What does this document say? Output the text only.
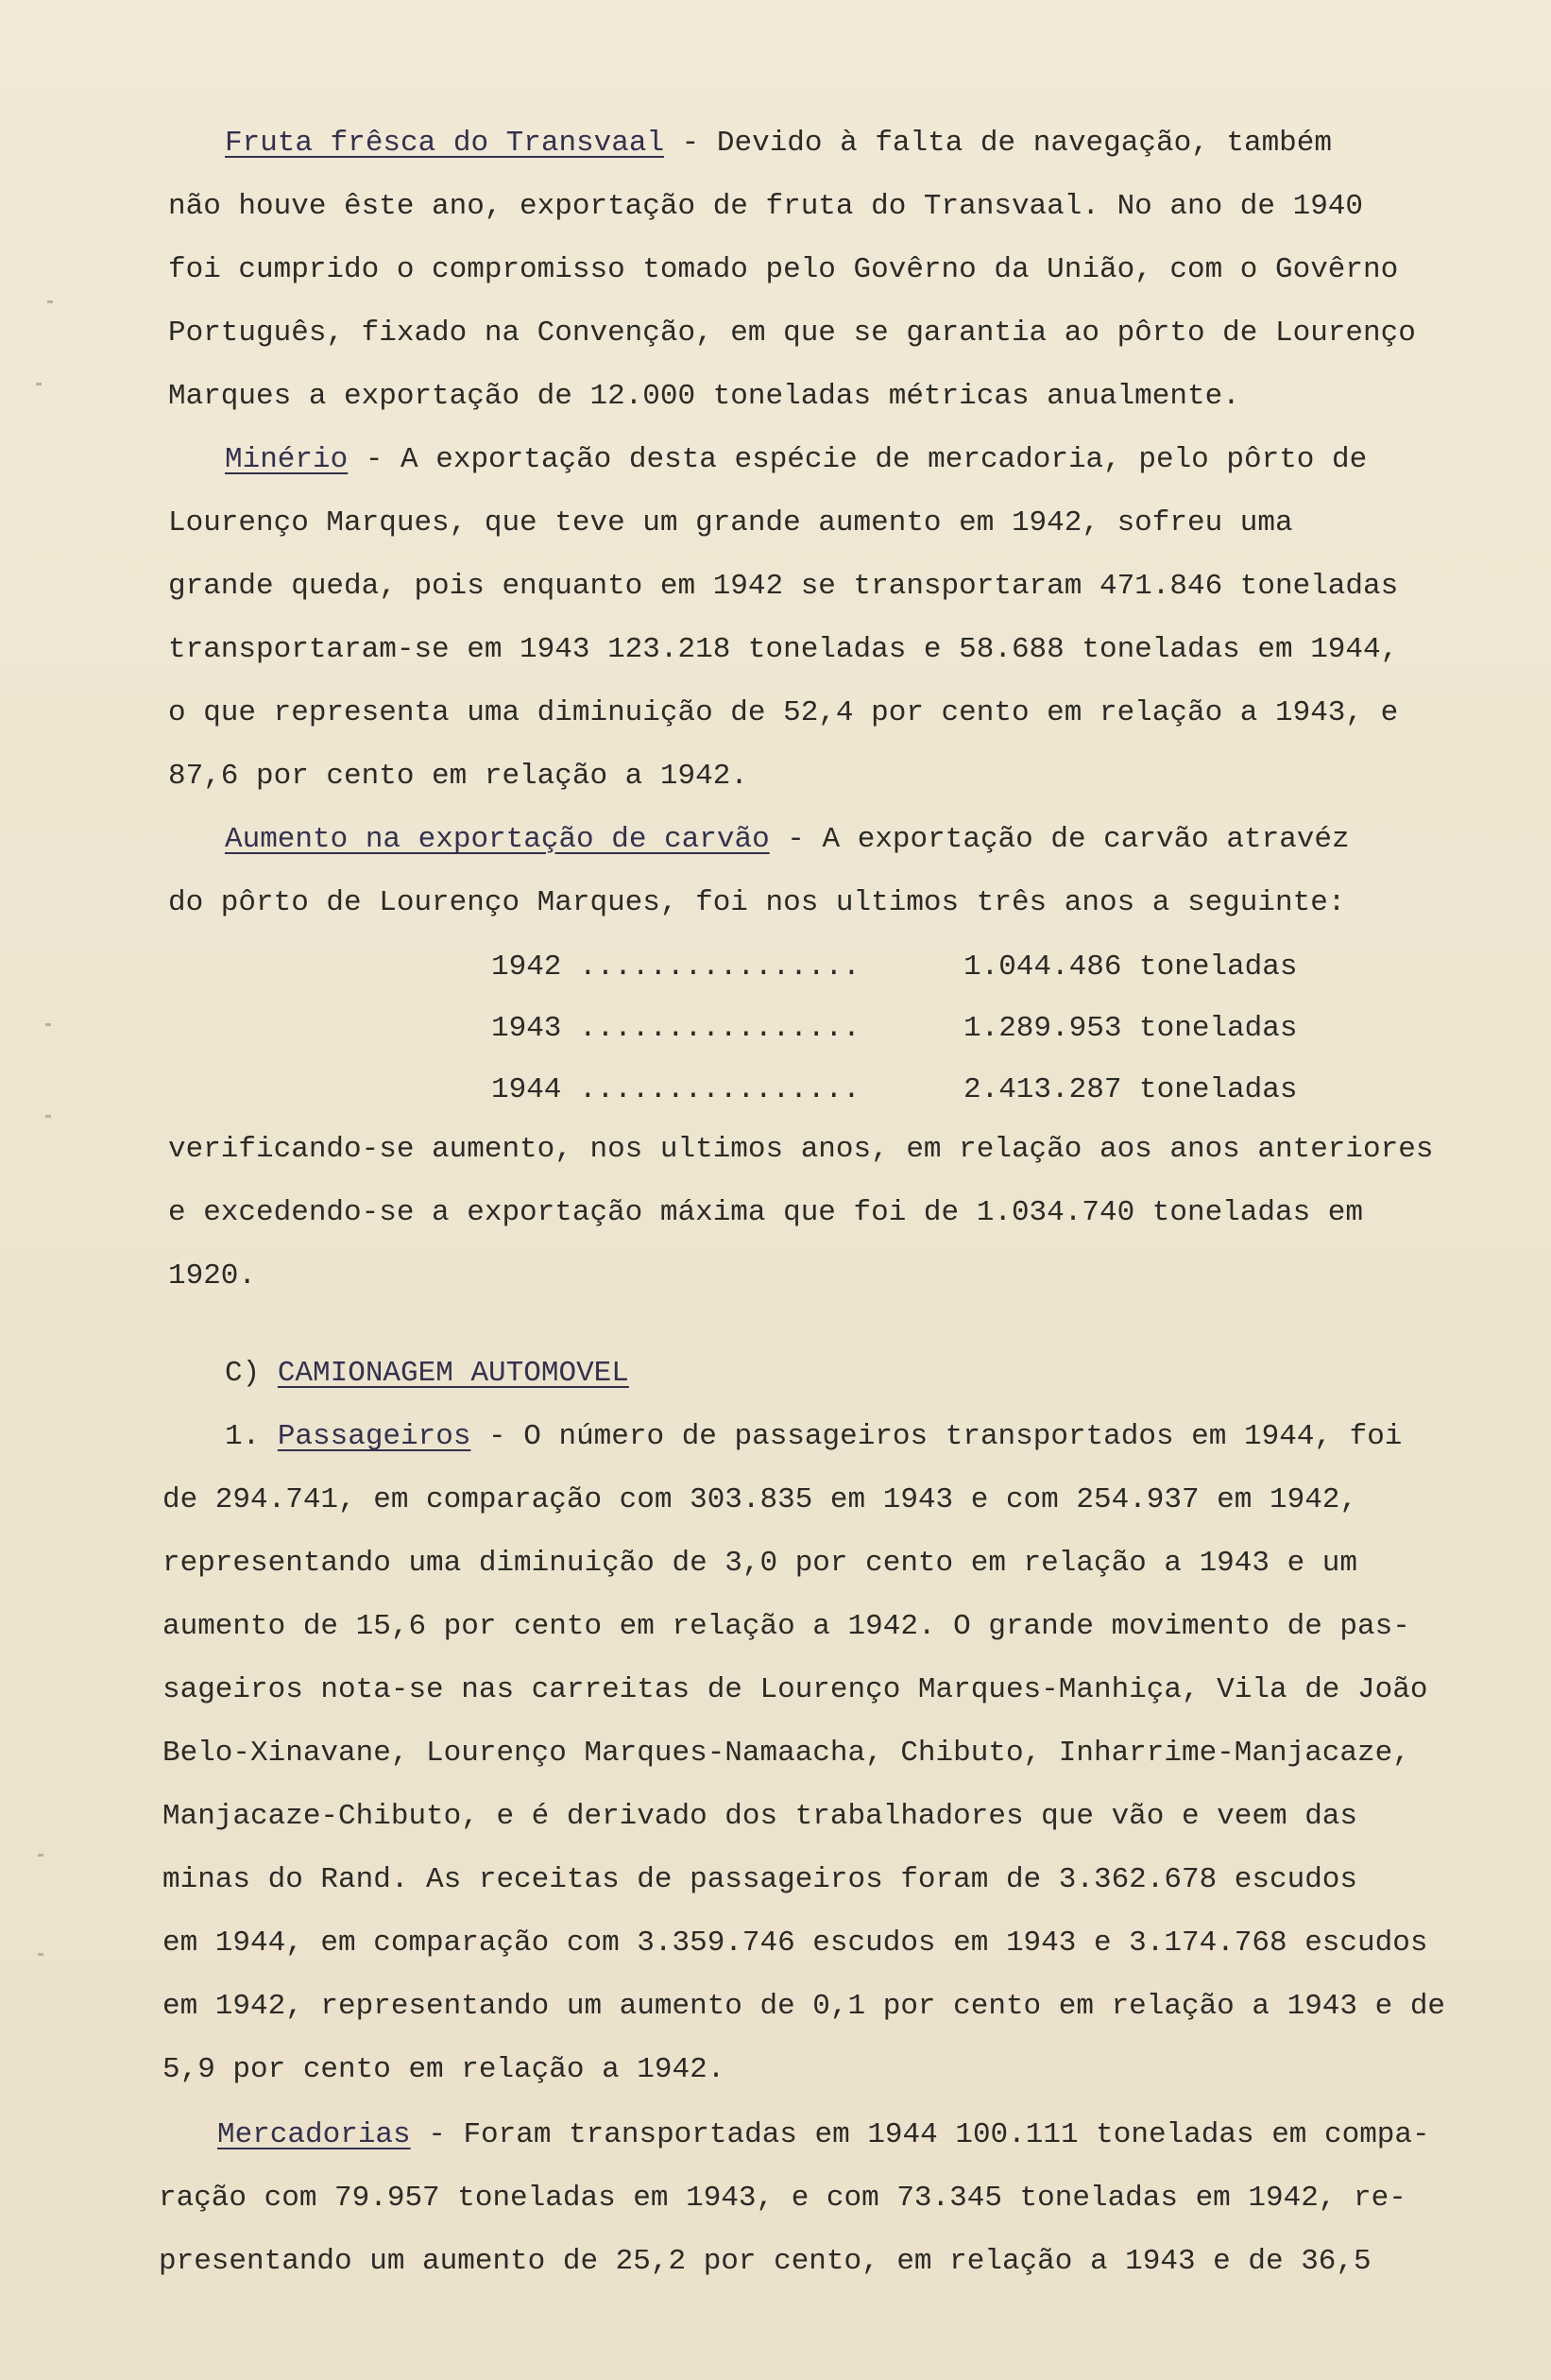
Fruta frêsca do Transvaal - Devido à falta de navegação, também
não houve êste ano, exportação de fruta do Transvaal. No ano de 1940
foi cumprido o compromisso tomado pelo Govêrno da União, com o Govêrno
Português, fixado na Convenção, em que se garantia ao pôrto de Lourenço
Marques a exportação de 12.000 toneladas métricas anualmente.
Minério - A exportação desta espécie de mercadoria, pelo pôrto de
Lourenço Marques, que teve um grande aumento em 1942, sofreu uma
grande queda, pois enquanto em 1942 se transportaram 471.846 toneladas
transportaram-se em 1943 123.218 toneladas e 58.688 toneladas em 1944,
o que representa uma diminuição de 52,4 por cento em relação a 1943, e
87,6 por cento em relação a 1942.
Aumento na exportação de carvão - A exportação de carvão atravéz
do pôrto de Lourenço Marques, foi nos ultimos três anos a seguinte:
1942 ................	1.044.486 toneladas
1943 ................	1.289.953 toneladas
1944 ................	2.413.287 toneladas
verificando-se aumento, nos ultimos anos, em relação aos anos anteriores
e excedendo-se a exportação máxima que foi de 1.034.740 toneladas em
1920.
C) CAMIONAGEM AUTOMOVEL
1. Passageiros - O número de passageiros transportados em 1944, foi
de 294.741, em comparação com 303.835 em 1943 e com 254.937 em 1942,
representando uma diminuição de 3,0 por cento em relação a 1943 e um
aumento de 15,6 por cento em relação a 1942. O grande movimento de pas-
sageiros nota-se nas carreitas de Lourenço Marques-Manhiça, Vila de João
Belo-Xinavane, Lourenço Marques-Namaacha, Chibuto, Inharrime-Manjacaze,
Manjacaze-Chibuto, e é derivado dos trabalhadores que vão e veem das
minas do Rand. As receitas de passageiros foram de 3.362.678 escudos
em 1944, em comparação com 3.359.746 escudos em 1943 e 3.174.768 escudos
em 1942, representando um aumento de 0,1 por cento em relação a 1943 e de
5,9 por cento em relação a 1942.
Mercadorias - Foram transportadas em 1944 100.111 toneladas em compa-
ração com 79.957 toneladas em 1943, e com 73.345 toneladas em 1942, re-
presentando um aumento de 25,2 por cento, em relação a 1943 e de 36,5
